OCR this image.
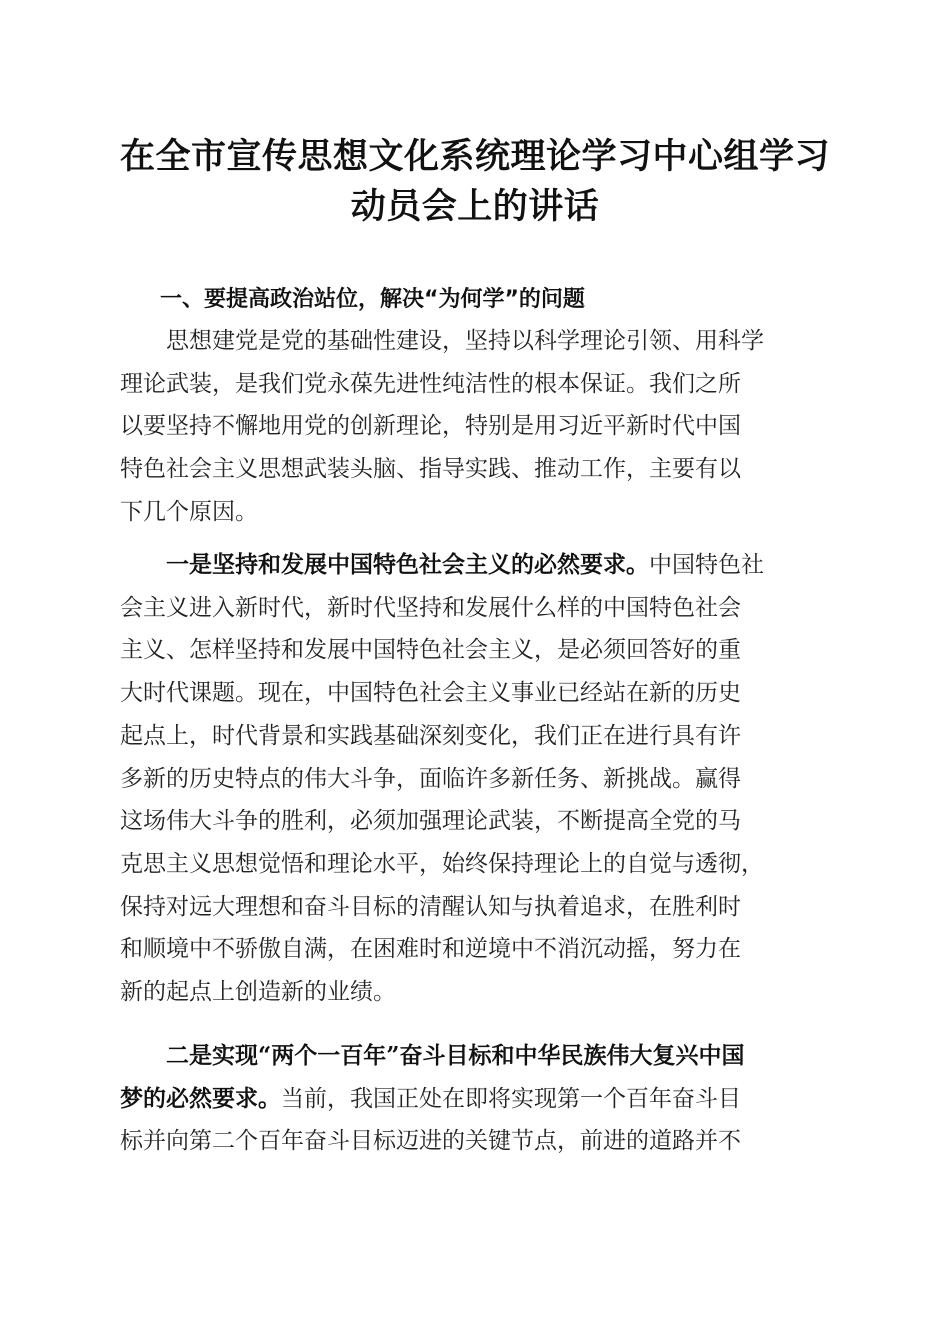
在全市宣传思想文化系统理论学习中心组学习
动员会上的讲话
一、要提高政治站位，解决“为何学”的问题
　　思想建党是党的基础性建设，坚持以科学理论引领、用科学
理论武装，是我们党永葆先进性纯洁性的根本保证。我们之所
以要坚持不懈地用党的创新理论，特别是用习近平新时代中国
特色社会主义思想武装头脑、指导实践、推动工作，主要有以
下几个原因。
　　一是坚持和发展中国特色社会主义的必然要求。中国特色社
会主义进入新时代，新时代坚持和发展什么样的中国特色社会
主义、怎样坚持和发展中国特色社会主义，是必须回答好的重
大时代课题。现在，中国特色社会主义事业已经站在新的历史
起点上，时代背景和实践基础深刻变化，我们正在进行具有许
多新的历史特点的伟大斗争，面临许多新任务、新挑战。赢得
这场伟大斗争的胜利，必须加强理论武装，不断提高全党的马
克思主义思想觉悟和理论水平，始终保持理论上的自觉与透彻，
保持对远大理想和奋斗目标的清醒认知与执着追求，在胜利时
和顺境中不骄傲自满，在困难时和逆境中不消沉动摇，努力在
新的起点上创造新的业绩。
　　二是实现“两个一百年”奋斗目标和中华民族伟大复兴中国
梦的必然要求。当前，我国正处在即将实现第一个百年奋斗目
标并向第二个百年奋斗目标迈进的关键节点，前进的道路并不
